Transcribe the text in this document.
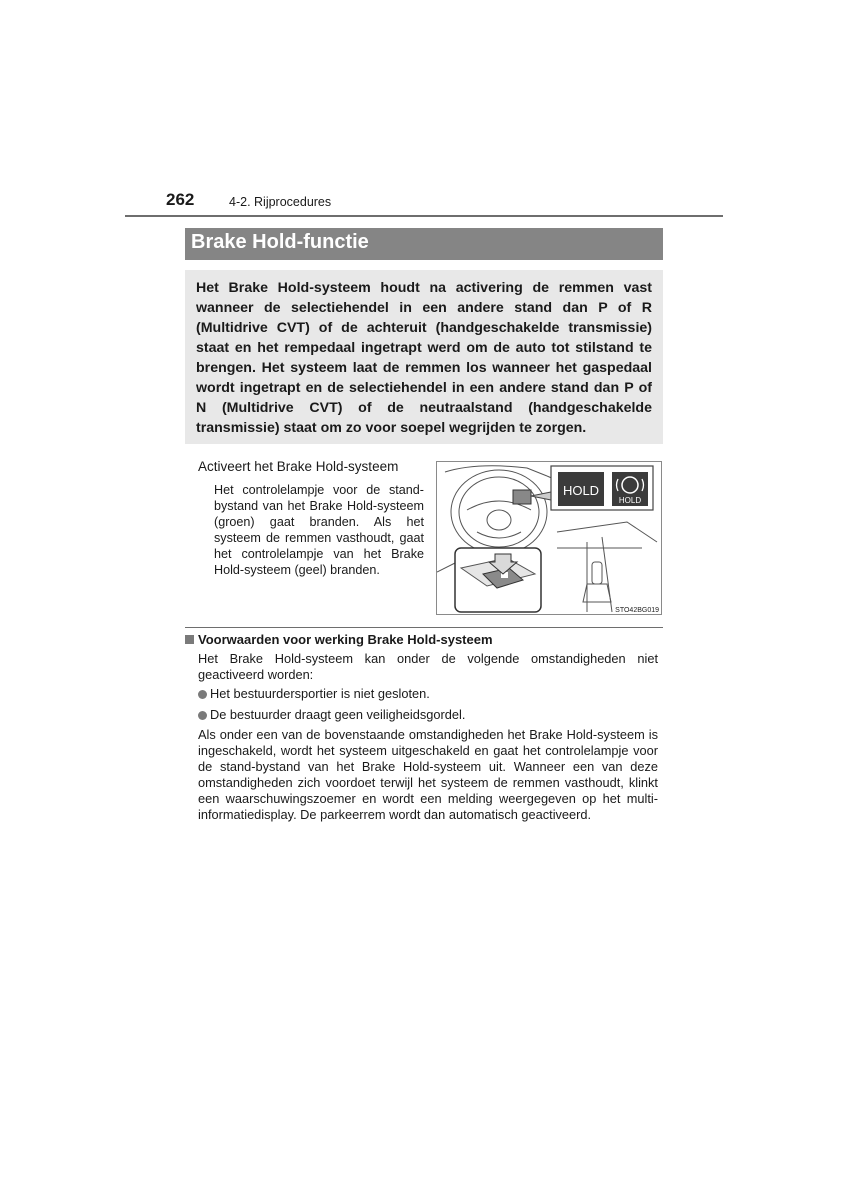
262	4-2. Rijprocedures
Brake Hold-functie

Het Brake Hold-systeem houdt na activering de remmen vast wanneer de selectiehendel in een andere stand dan P of R (Multidrive CVT) of de achteruit (handgeschakelde transmissie) staat en het rempedaal ingetrapt werd om de auto tot stilstand te brengen. Het systeem laat de remmen los wanneer het gaspedaal wordt ingetrapt en de selectiehendel in een andere stand dan P of N (Multidrive CVT) of de neutraalstand (handgeschakelde transmissie) staat om zo voor soepel wegrijden te zorgen.

Activeert het Brake Hold-systeem

Het controlelampje voor de stand-bystand van het Brake Hold-systeem (groen) gaat branden. Als het systeem de remmen vasthoudt, gaat het controlelampje van het Brake Hold-systeem (geel) branden.

HOLD
HOLD
STO42BG019
Voorwaarden voor werking Brake Hold-systeem

Het Brake Hold-systeem kan onder de volgende omstandigheden niet geactiveerd worden:

Het bestuurdersportier is niet gesloten.
De bestuurder draagt geen veiligheidsgordel.

Als onder een van de bovenstaande omstandigheden het Brake Hold-systeem is ingeschakeld, wordt het systeem uitgeschakeld en gaat het controlelampje voor de stand-bystand van het Brake Hold-systeem uit. Wanneer een van deze omstandigheden zich voordoet terwijl het systeem de remmen vasthoudt, klinkt een waarschuwingszoemer en wordt een melding weergegeven op het multi-informatiedisplay. De parkeerrem wordt dan automatisch geactiveerd.
